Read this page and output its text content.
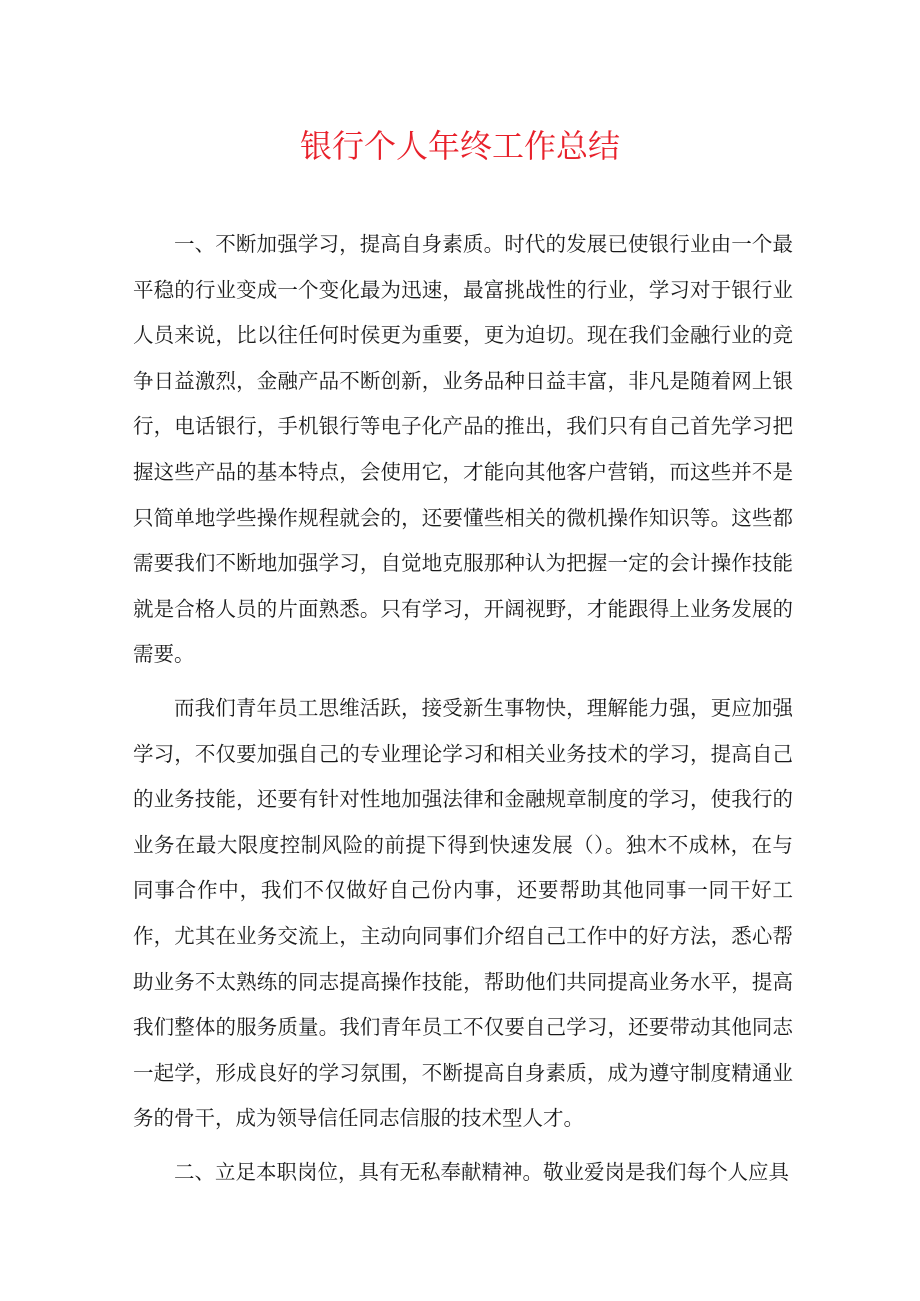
银行个人年终工作总结

一、不断加强学习，提高自身素质。时代的发展已使银行业由一个最平稳的行业变成一个变化最为迅速，最富挑战性的行业，学习对于银行业人员来说，比以往任何时侯更为重要，更为迫切。现在我们金融行业的竞争日益激烈，金融产品不断创新，业务品种日益丰富，非凡是随着网上银行，电话银行，手机银行等电子化产品的推出，我们只有自己首先学习把握这些产品的基本特点，会使用它，才能向其他客户营销，而这些并不是只简单地学些操作规程就会的，还要懂些相关的微机操作知识等。这些都需要我们不断地加强学习，自觉地克服那种认为把握一定的会计操作技能就是合格人员的片面熟悉。只有学习，开阔视野，才能跟得上业务发展的需要。

而我们青年员工思维活跃，接受新生事物快，理解能力强，更应加强学习，不仅要加强自己的专业理论学习和相关业务技术的学习，提高自己的业务技能，还要有针对性地加强法律和金融规章制度的学习，使我行的业务在最大限度控制风险的前提下得到快速发展（）。独木不成林，在与同事合作中，我们不仅做好自己份内事，还要帮助其他同事一同干好工作，尤其在业务交流上，主动向同事们介绍自己工作中的好方法，悉心帮助业务不太熟练的同志提高操作技能，帮助他们共同提高业务水平，提高我们整体的服务质量。我们青年员工不仅要自己学习，还要带动其他同志一起学，形成良好的学习氛围，不断提高自身素质，成为遵守制度精通业务的骨干，成为领导信任同志信服的技术型人才。

二、立足本职岗位，具有无私奉献精神。敬业爱岗是我们每个人应具
